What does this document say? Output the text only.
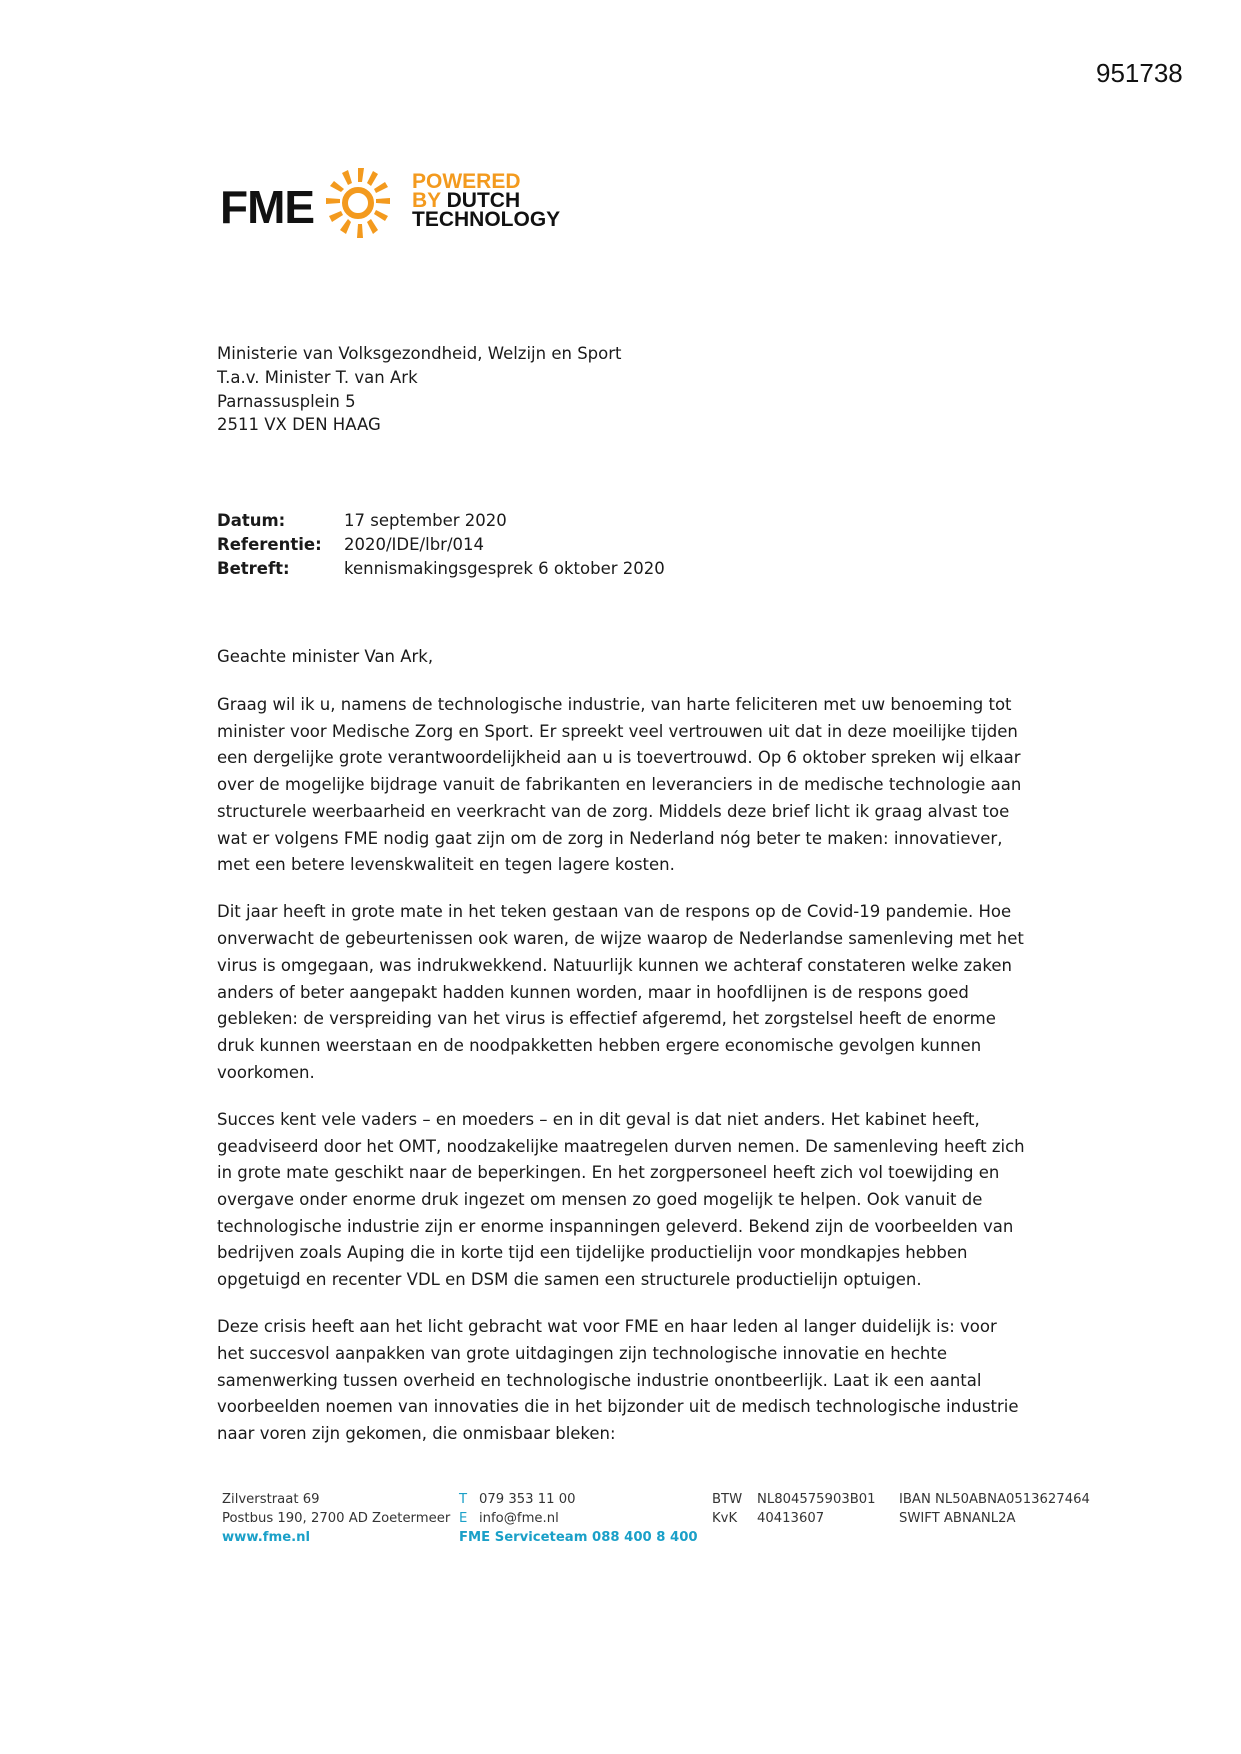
951738
FME	POWERED
BY DUTCH
TECHNOLOGY
Ministerie van Volksgezondheid, Welzijn en Sport
T.a.v. Minister T. van Ark
Parnassusplein 5
2511 VX DEN HAAG
Datum:	17 september 2020
Referentie:	2020/IDE/lbr/014
Betreft:	kennismakingsgesprek 6 oktober 2020
Geachte minister Van Ark,

Graag wil ik u, namens de technologische industrie, van harte feliciteren met uw benoeming tot minister voor Medische Zorg en Sport. Er spreekt veel vertrouwen uit dat in deze moeilijke tijden een dergelijke grote verantwoordelijkheid aan u is toevertrouwd. Op 6 oktober spreken wij elkaar over de mogelijke bijdrage vanuit de fabrikanten en leveranciers in de medische technologie aan structurele weerbaarheid en veerkracht van de zorg. Middels deze brief licht ik graag alvast toe wat er volgens FME nodig gaat zijn om de zorg in Nederland nóg beter te maken: innovatiever, met een betere levenskwaliteit en tegen lagere kosten.

Dit jaar heeft in grote mate in het teken gestaan van de respons op de Covid-19 pandemie. Hoe onverwacht de gebeurtenissen ook waren, de wijze waarop de Nederlandse samenleving met het virus is omgegaan, was indrukwekkend. Natuurlijk kunnen we achteraf constateren welke zaken anders of beter aangepakt hadden kunnen worden, maar in hoofdlijnen is de respons goed gebleken: de verspreiding van het virus is effectief afgeremd, het zorgstelsel heeft de enorme druk kunnen weerstaan en de noodpakketten hebben ergere economische gevolgen kunnen voorkomen.

Succes kent vele vaders – en moeders – en in dit geval is dat niet anders. Het kabinet heeft, geadviseerd door het OMT, noodzakelijke maatregelen durven nemen. De samenleving heeft zich in grote mate geschikt naar de beperkingen. En het zorgpersoneel heeft zich vol toewijding en overgave onder enorme druk ingezet om mensen zo goed mogelijk te helpen. Ook vanuit de technologische industrie zijn er enorme inspanningen geleverd. Bekend zijn de voorbeelden van bedrijven zoals Auping die in korte tijd een tijdelijke productielijn voor mondkapjes hebben opgetuigd en recenter VDL en DSM die samen een structurele productielijn optuigen.

Deze crisis heeft aan het licht gebracht wat voor FME en haar leden al langer duidelijk is: voor het succesvol aanpakken van grote uitdagingen zijn technologische innovatie en hechte samenwerking tussen overheid en technologische industrie onontbeerlijk. Laat ik een aantal voorbeelden noemen van innovaties die in het bijzonder uit de medisch technologische industrie naar voren zijn gekomen, die onmisbaar bleken:

Zilverstraat 69
Postbus 190, 2700 AD Zoetermeer
www.fme.nl
T 079 353 11 00
E info@fme.nl
FME Serviceteam 088 400 8 400
BTW NL804575903B01
KvK 40413607
IBAN NL50ABNA0513627464
SWIFT ABNANL2A
